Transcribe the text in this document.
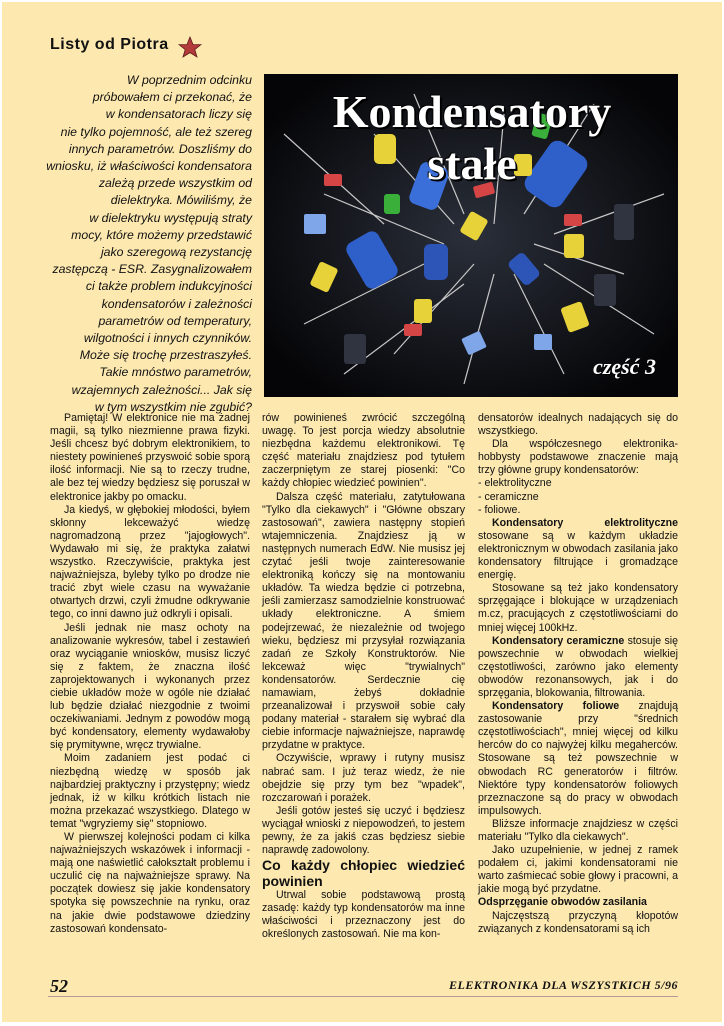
Listy od Piotra

W poprzednim odcinku

próbowałem ci przekonać, że

w kondensatorach liczy się

nie tylko pojemność, ale też szereg

innych parametrów. Doszliśmy do

wniosku, iż właściwości kondensatora

zależą przede wszystkim od

dielektryka. Mówiliśmy, że

w dielektryku występują straty

mocy, które możemy przedstawić

jako szeregową rezystancję

zastępczą - ESR. Zasygnalizowałem

ci także problem indukcyjności

kondensatorów i zależności

parametrów od temperatury,

wilgotności i innych czynników.

Może się trochę przestraszyłeś.

Takie mnóstwo parametrów,

wzajemnych zależności... Jak się

w tym wszystkim nie zgubić?

Kondensatory
stałe
część 3

Pamiętaj! W elektronice nie ma żadnej magii, są tylko niezmienne prawa fizyki. Jeśli chcesz być dobrym elektronikiem, to niestety powinieneś przyswoić sobie sporą ilość informacji. Nie są to rzeczy trudne, ale bez tej wiedzy będziesz się poruszał w elektronice jakby po omacku.

Ja kiedyś, w głębokiej młodości, byłem skłonny lekceważyć wiedzę nagromadzoną przez "jajogłowych". Wydawało mi się, że praktyka załatwi wszystko. Rzeczywiście, praktyka jest najważniejsza, byleby tylko po drodze nie tracić zbyt wiele czasu na wyważanie otwartych drzwi, czyli żmudne odkrywanie tego, co inni dawno już odkryli i opisali.

Jeśli jednak nie masz ochoty na analizowanie wykresów, tabel i zestawień oraz wyciąganie wniosków, musisz liczyć się z faktem, że znaczna ilość zaprojektowanych i wykonanych przez ciebie układów może w ogóle nie działać lub będzie działać niezgodnie z twoimi oczekiwaniami. Jednym z powodów mogą być kondensatory, elementy wydawałoby się prymitywne, wręcz trywialne.

Moim zadaniem jest podać ci niezbędną wiedzę w sposób jak najbardziej praktyczny i przystępny; wiedz jednak, iż w kilku krótkich listach nie można przekazać wszystkiego. Dlatego w temat "wgryziemy się" stopniowo.

W pierwszej kolejności podam ci kilka najważniejszych wskazówek i informacji - mają one naświetlić całokształt problemu i uczulić cię na najważniejsze sprawy. Na początek dowiesz się jakie kondensatory spotyka się powszechnie na rynku, oraz na jakie dwie podstawowe dziedziny zastosowań kondensato-

rów powinieneś zwrócić szczególną uwagę. To jest porcja wiedzy absolutnie niezbędna każdemu elektronikowi. Tę część materiału znajdziesz pod tytułem zaczerpniętym ze starej piosenki: "Co każdy chłopiec wiedzieć powinien".

Dalsza część materiału, zatytułowana "Tylko dla ciekawych" i "Główne obszary zastosowań", zawiera następny stopień wtajemniczenia. Znajdziesz ją w następnych numerach EdW. Nie musisz jej czytać jeśli twoje zainteresowanie elektroniką kończy się na montowaniu układów. Ta wiedza będzie ci potrzebna, jeśli zamierzasz samodzielnie konstruować układy elektroniczne. A śmiem podejrzewać, że niezależnie od twojego wieku, będziesz mi przysyłał rozwiązania zadań ze Szkoły Konstruktorów. Nie lekceważ więc "trywialnych" kondensatorów. Serdecznie cię namawiam, żebyś dokładnie przeanalizował i przyswoił sobie cały podany materiał - starałem się wybrać dla ciebie informacje najważniejsze, naprawdę przydatne w praktyce.

Oczywiście, wprawy i rutyny musisz nabrać sam. I już teraz wiedz, że nie obejdzie się przy tym bez "wpadek", rozczarowań i porażek.

Jeśli gotów jesteś się uczyć i będziesz wyciągał wnioski z niepowodzeń, to jestem pewny, że za jakiś czas będziesz siebie naprawdę zadowolony.

Co każdy chłopiec wiedzieć powinien

Utrwal sobie podstawową prostą zasadę: każdy typ kondensatorów ma inne właściwości i przeznaczony jest do określonych zastosowań. Nie ma kon-

densatorów idealnych nadających się do wszystkiego.

Dla współczesnego elektronika-hobbysty podstawowe znaczenie mają trzy główne grupy kondensatorów:

- elektrolityczne

- ceramiczne

- foliowe.

Kondensatory elektrolityczne stosowane są w każdym układzie elektronicznym w obwodach zasilania jako kondensatory filtrujące i gromadzące energię.

Stosowane są też jako kondensatory sprzęgające i blokujące w urządzeniach m.cz, pracujących z częstotliwościami do mniej więcej 100kHz.

Kondensatory ceramiczne stosuje się powszechnie w obwodach wielkiej częstotliwości, zarówno jako elementy obwodów rezonansowych, jak i do sprzęgania, blokowania, filtrowania.

Kondensatory foliowe znajdują zastosowanie przy "średnich częstotliwościach", mniej więcej od kilku herców do co najwyżej kilku megaherców. Stosowane są też powszechnie w obwodach RC generatorów i filtrów. Niektóre typy kondensatorów foliowych przeznaczone są do pracy w obwodach impulsowych.

Bliższe informacje znajdziesz w części materiału "Tylko dla ciekawych".

Jako uzupełnienie, w jednej z ramek podałem ci, jakimi kondensatorami nie warto zaśmiecać sobie głowy i pracowni, a jakie mogą być przydatne.

Odsprzęganie obwodów zasilania

Najczęstszą przyczyną kłopotów związanych z kondensatorami są ich

52	ELEKTRONIKA DLA WSZYSTKICH 5/96
